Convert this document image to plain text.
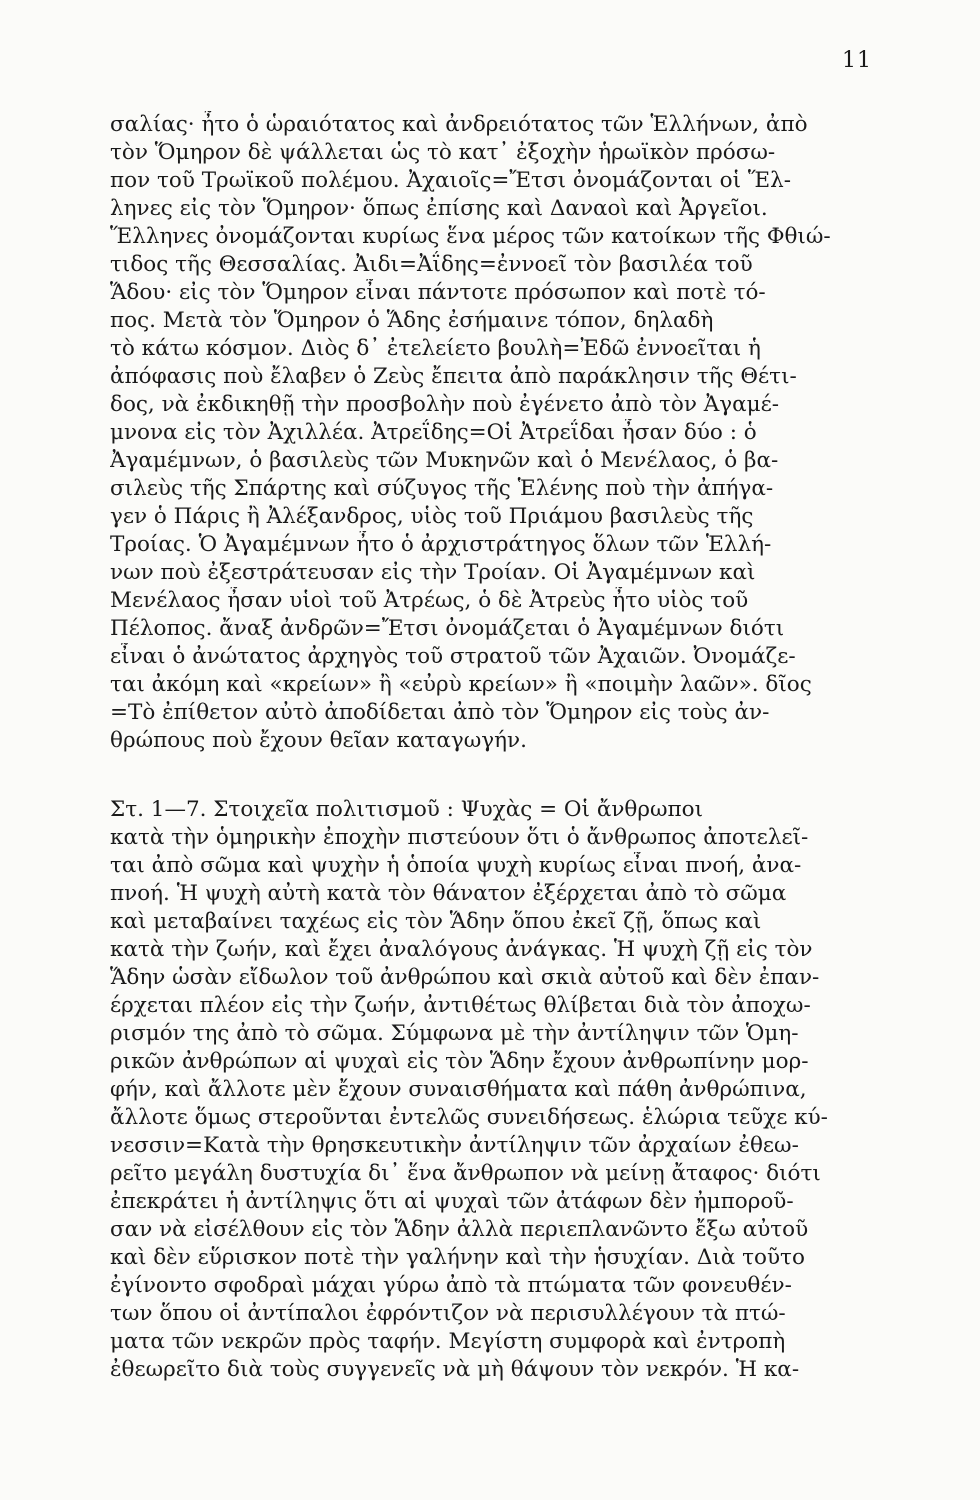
11
σαλίας· ἦτο ὁ ὡραιότατος καὶ ἀνδρειότατος τῶν Ἑλλήνων, ἀπὸ
τὸν Ὅμηρον δὲ ψάλλεται ὡς τὸ κατ᾽ ἐξοχὴν ἡρωϊκὸν πρόσω-
πον τοῦ Τρωϊκοῦ πολέμου. Ἀχαιοῖς=Ἔτσι ὀνομάζονται οἱ Ἕλ-
ληνες εἰς τὸν Ὅμηρον· ὅπως ἐπίσης καὶ Δαναοὶ καὶ Ἀργεῖοι.
Ἕλληνες ὀνομάζονται κυρίως ἕνα μέρος τῶν κατοίκων τῆς Φθιώ-
τιδος τῆς Θεσσαλίας. Ἀιδι=Ἀΐδης=ἐννοεῖ τὸν βασιλέα τοῦ
Ἅδου· εἰς τὸν Ὅμηρον εἶναι πάντοτε πρόσωπον καὶ ποτὲ τό-
πος. Μετὰ τὸν Ὅμηρον ὁ Ἅδης ἐσήμαινε τόπον, δηλαδὴ
τὸ κάτω κόσμον. Διὸς δ᾽ ἐτελείετο βουλὴ=Ἐδῶ ἐννοεῖται ἡ
ἀπόφασις ποὺ ἔλαβεν ὁ Ζεὺς ἔπειτα ἀπὸ παράκλησιν τῆς Θέτι-
δος, νὰ ἐκδικηθῇ τὴν προσβολὴν ποὺ ἐγένετο ἀπὸ τὸν Ἀγαμέ-
μνονα εἰς τὸν Ἀχιλλέα. Ἀτρεΐδης=Οἱ Ἀτρεΐδαι ἦσαν δύο : ὁ
Ἀγαμέμνων, ὁ βασιλεὺς τῶν Μυκηνῶν καὶ ὁ Μενέλαος, ὁ βα-
σιλεὺς τῆς Σπάρτης καὶ σύζυγος τῆς Ἑλένης ποὺ τὴν ἀπήγα-
γεν ὁ Πάρις ἢ Ἀλέξανδρος, υἱὸς τοῦ Πριάμου βασιλεὺς τῆς
Τροίας. Ὁ Ἀγαμέμνων ἦτο ὁ ἀρχιστράτηγος ὅλων τῶν Ἑλλή-
νων ποὺ ἐξεστράτευσαν εἰς τὴν Τροίαν. Οἱ Ἀγαμέμνων καὶ
Μενέλαος ἦσαν υἱοὶ τοῦ Ἀτρέως, ὁ δὲ Ἀτρεὺς ἦτο υἱὸς τοῦ
Πέλοπος. ἄναξ ἀνδρῶν=Ἔτσι ὀνομάζεται ὁ Ἀγαμέμνων διότι
εἶναι ὁ ἀνώτατος ἀρχηγὸς τοῦ στρατοῦ τῶν Ἀχαιῶν. Ὀνομάζε-
ται ἀκόμη καὶ «κρείων» ἢ «εὐρὺ κρείων» ἢ «ποιμὴν λαῶν». δῖος
=Τὸ ἐπίθετον αὐτὸ ἀποδίδεται ἀπὸ τὸν Ὅμηρον εἰς τοὺς ἀν-
θρώπους ποὺ ἔχουν θεῖαν καταγωγήν.
Στ. 1—7. Στοιχεῖα πολιτισμοῦ : Ψυχὰς = Οἱ ἄνθρωποι
κατὰ τὴν ὁμηρικὴν ἐποχὴν πιστεύουν ὅτι ὁ ἄνθρωπος ἀποτελεῖ-
ται ἀπὸ σῶμα καὶ ψυχὴν ἡ ὁποία ψυχὴ κυρίως εἶναι πνοή, ἀνα-
πνοή. Ἡ ψυχὴ αὐτὴ κατὰ τὸν θάνατον ἐξέρχεται ἀπὸ τὸ σῶμα
καὶ μεταβαίνει ταχέως εἰς τὸν Ἅδην ὅπου ἐκεῖ ζῇ, ὅπως καὶ
κατὰ τὴν ζωήν, καὶ ἔχει ἀναλόγους ἀνάγκας. Ἡ ψυχὴ ζῇ εἰς τὸν
Ἅδην ὡσὰν εἴδωλον τοῦ ἀνθρώπου καὶ σκιὰ αὐτοῦ καὶ δὲν ἐπαν-
έρχεται πλέον εἰς τὴν ζωήν, ἀντιθέτως θλίβεται διὰ τὸν ἀποχω-
ρισμόν της ἀπὸ τὸ σῶμα. Σύμφωνα μὲ τὴν ἀντίληψιν τῶν Ὁμη-
ρικῶν ἀνθρώπων αἱ ψυχαὶ εἰς τὸν Ἅδην ἔχουν ἀνθρωπίνην μορ-
φήν, καὶ ἄλλοτε μὲν ἔχουν συναισθήματα καὶ πάθη ἀνθρώπινα,
ἄλλοτε ὅμως στεροῦνται ἐντελῶς συνειδήσεως. ἑλώρια τεῦχε κύ-
νεσσιν=Κατὰ τὴν θρησκευτικὴν ἀντίληψιν τῶν ἀρχαίων ἐθεω-
ρεῖτο μεγάλη δυστυχία δι᾽ ἕνα ἄνθρωπον νὰ μείνῃ ἄταφος· διότι
ἐπεκράτει ἡ ἀντίληψις ὅτι αἱ ψυχαὶ τῶν ἀτάφων δὲν ἠμποροῦ-
σαν νὰ εἰσέλθουν εἰς τὸν Ἅδην ἀλλὰ περιεπλανῶντο ἔξω αὐτοῦ
καὶ δὲν εὕρισκον ποτὲ τὴν γαλήνην καὶ τὴν ἡσυχίαν. Διὰ τοῦτο
ἐγίνοντο σφοδραὶ μάχαι γύρω ἀπὸ τὰ πτώματα τῶν φονευθέν-
των ὅπου οἱ ἀντίπαλοι ἐφρόντιζον νὰ περισυλλέγουν τὰ πτώ-
ματα τῶν νεκρῶν πρὸς ταφήν. Μεγίστη συμφορὰ καὶ ἐντροπὴ
ἐθεωρεῖτο διὰ τοὺς συγγενεῖς νὰ μὴ θάψουν τὸν νεκρόν. Ἡ κα-
